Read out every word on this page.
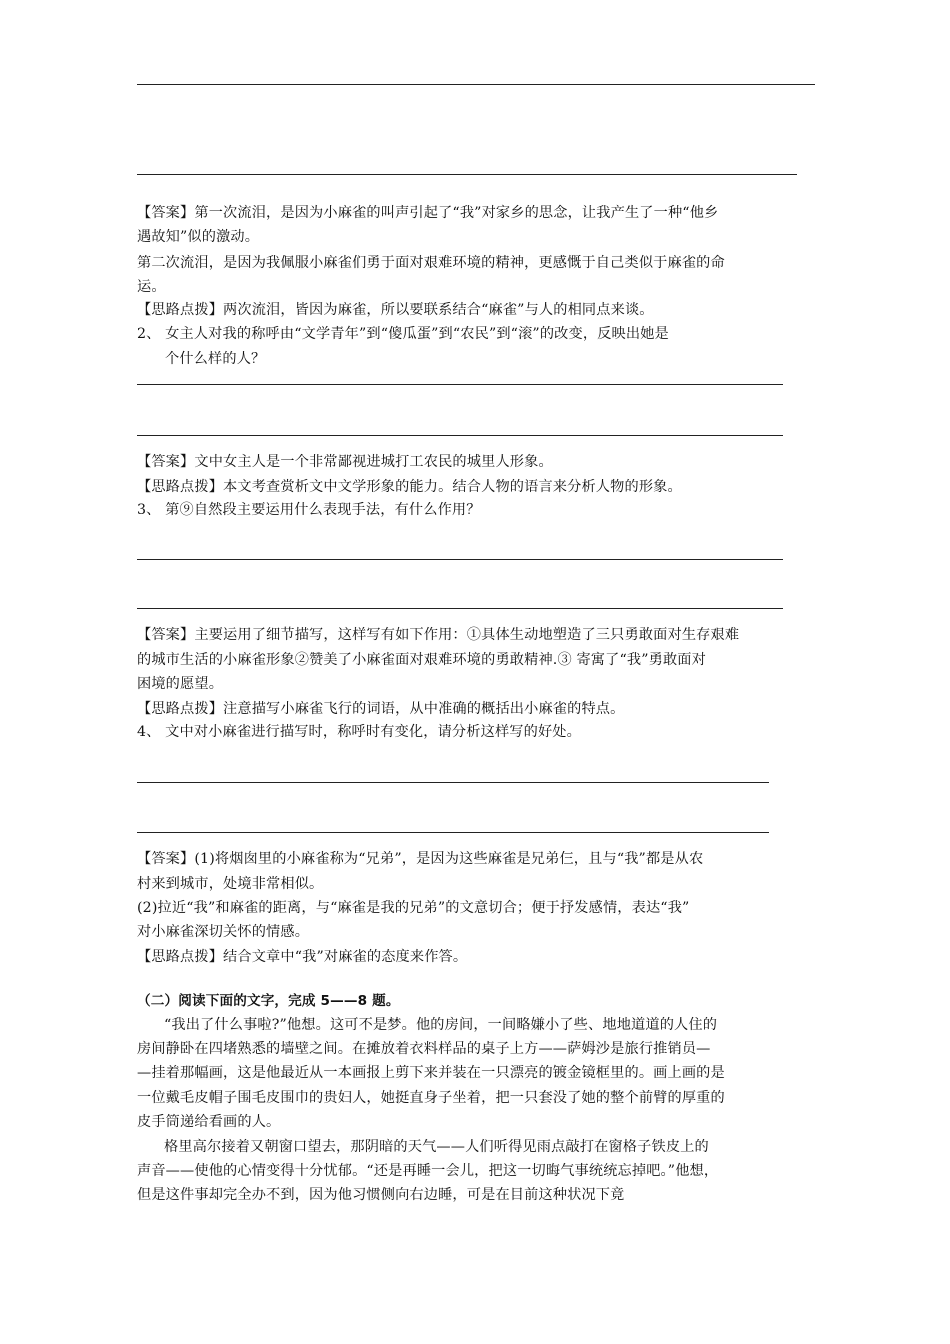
【答案】第一次流泪，是因为小麻雀的叫声引起了“我”对家乡的思念，让我产生了一种“他乡
遇故知”似的激动。
第二次流泪，是因为我佩服小麻雀们勇于面对艰难环境的精神，更感慨于自己类似于麻雀的命
运。
【思路点拨】两次流泪，皆因为麻雀，所以要联系结合“麻雀”与人的相同点来谈。
2、 女主人对我的称呼由“文学青年”到“傻瓜蛋”到“农民”到“滚”的改变，反映出她是
个什么样的人？
【答案】文中女主人是一个非常鄙视进城打工农民的城里人形象。
【思路点拨】本文考查赏析文中文学形象的能力。结合人物的语言来分析人物的形象。
3、 第⑨自然段主要运用什么表现手法，有什么作用？
【答案】主要运用了细节描写，这样写有如下作用：①具体生动地塑造了三只勇敢面对生存艰难
的城市生活的小麻雀形象②赞美了小麻雀面对艰难环境的勇敢精神.③ 寄寓了“我”勇敢面对
困境的愿望。
【思路点拨】注意描写小麻雀飞行的词语，从中准确的概括出小麻雀的特点。
4、 文中对小麻雀进行描写时，称呼时有变化，请分析这样写的好处。
【答案】(1)将烟囱里的小麻雀称为“兄弟”，是因为这些麻雀是兄弟仨，且与“我”都是从农
村来到城市，处境非常相似。
(2)拉近“我”和麻雀的距离，与“麻雀是我的兄弟”的文意切合；便于抒发感情，表达“我”
对小麻雀深切关怀的情感。
【思路点拨】结合文章中“我”对麻雀的态度来作答。
（二）阅读下面的文字，完成 5——8 题。
“我出了什么事啦?”他想。这可不是梦。他的房间，一间略嫌小了些、地地道道的人住的
房间静卧在四堵熟悉的墙壁之间。在摊放着衣料样品的桌子上方——萨姆沙是旅行推销员—
—挂着那幅画，这是他最近从一本画报上剪下来并装在一只漂亮的镀金镜框里的。画上画的是
一位戴毛皮帽子围毛皮围巾的贵妇人，她挺直身子坐着，把一只套没了她的整个前臂的厚重的
皮手筒递给看画的人。
格里高尔接着又朝窗口望去，那阴暗的天气——人们听得见雨点敲打在窗格子铁皮上的
声音——使他的心情变得十分忧郁。“还是再睡一会儿，把这一切晦气事统统忘掉吧。”他想，
但是这件事却完全办不到，因为他习惯侧向右边睡，可是在目前这种状况下竟
